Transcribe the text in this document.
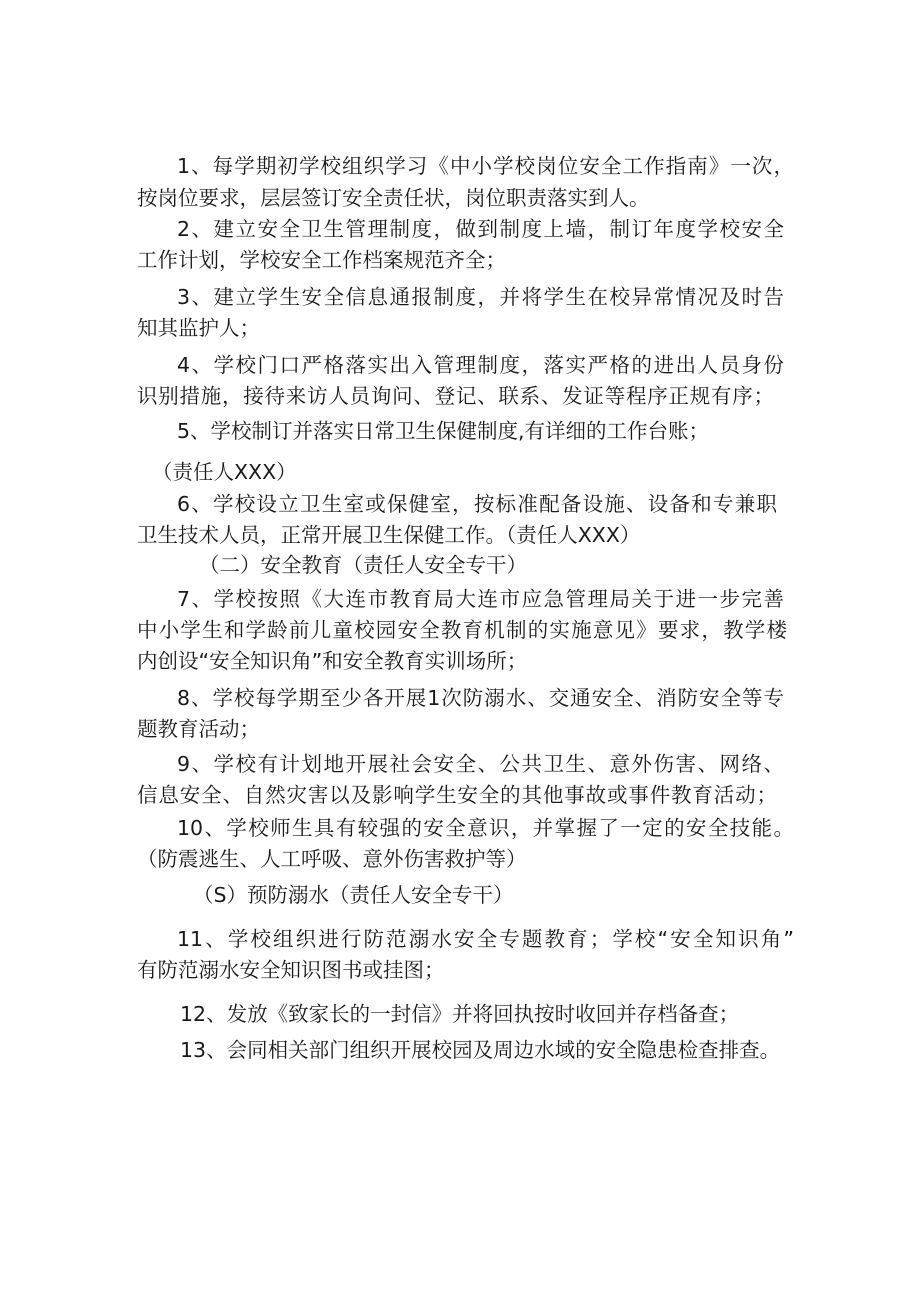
1、每学期初学校组织学习《中小学校岗位安全工作指南》一次，
按岗位要求，层层签订安全责任状，岗位职责落实到人。
2、建立安全卫生管理制度，做到制度上墙，制订年度学校安全
工作计划，学校安全工作档案规范齐全；
3、建立学生安全信息通报制度，并将学生在校异常情况及时告
知其监护人；
4、学校门口严格落实出入管理制度，落实严格的进出人员身份
识别措施，接待来访人员询问、登记、联系、发证等程序正规有序；
5、学校制订并落实日常卫生保健制度,有详细的工作台账；
（责任人XXX）
6、学校设立卫生室或保健室，按标准配备设施、设备和专兼职
卫生技术人员，正常开展卫生保健工作。（责任人XXX）
（二）安全教育（责任人安全专干）
7、学校按照《大连市教育局大连市应急管理局关于进一步完善
中小学生和学龄前儿童校园安全教育机制的实施意见》要求，教学楼
内创设“安全知识角”和安全教育实训场所；
8、学校每学期至少各开展1次防溺水、交通安全、消防安全等专
题教育活动；
9、学校有计划地开展社会安全、公共卫生、意外伤害、网络、
信息安全、自然灾害以及影响学生安全的其他事故或事件教育活动；
10、学校师生具有较强的安全意识，并掌握了一定的安全技能。
（防震逃生、人工呼吸、意外伤害救护等）
（S）预防溺水（责任人安全专干）
11、学校组织进行防范溺水安全专题教育；学校“安全知识角”
有防范溺水安全知识图书或挂图；
12、发放《致家长的一封信》并将回执按时收回并存档备查；
13、会同相关部门组织开展校园及周边水域的安全隐患检查排查。
